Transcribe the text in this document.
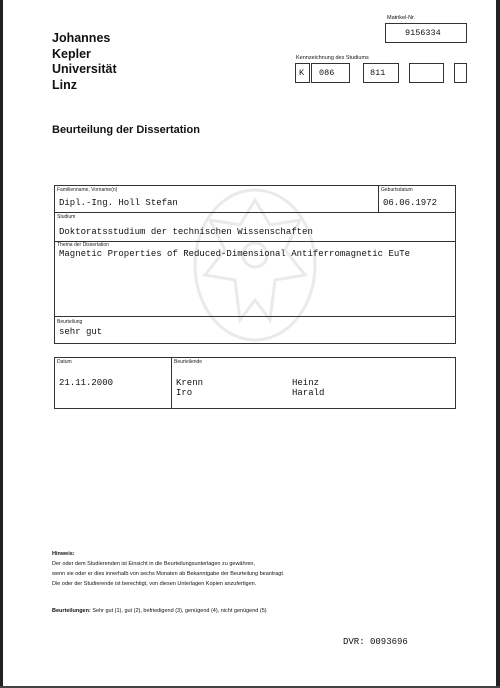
Johannes
Kepler
Universität
Linz
Matrikel-Nr.
9156334
Kennzeichnung des Studiums
K 086	811
Beurteilung der Dissertation
Familienname, Vorname(n)
Dipl.-Ing. Holl Stefan
Geburtsdatum
06.06.1972
Studium
Doktoratsstudium der technischen Wissenschaften
Thema der Dissertation
Magnetic Properties of Reduced-Dimensional Antiferromagnetic EuTe
Beurteilung
sehr gut
Datum
21.11.2000
Beurteilende
Krenn	Heinz
Iro	Harald
Hinweis:
Der oder dem Studierenden ist Einsicht in die Beurteilungsunterlagen zu gewähren,
wenn sie oder er dies innerhalb von sechs Monaten ab Bekanntgabe der Beurteilung beantragt.
Die oder der Studierende ist berechtigt, von diesen Unterlagen Kopien anzufertigen.
Beurteilungen: Sehr gut (1), gut (2), befriedigend (3), genügend (4), nicht genügend (5)
DVR: 0093696
